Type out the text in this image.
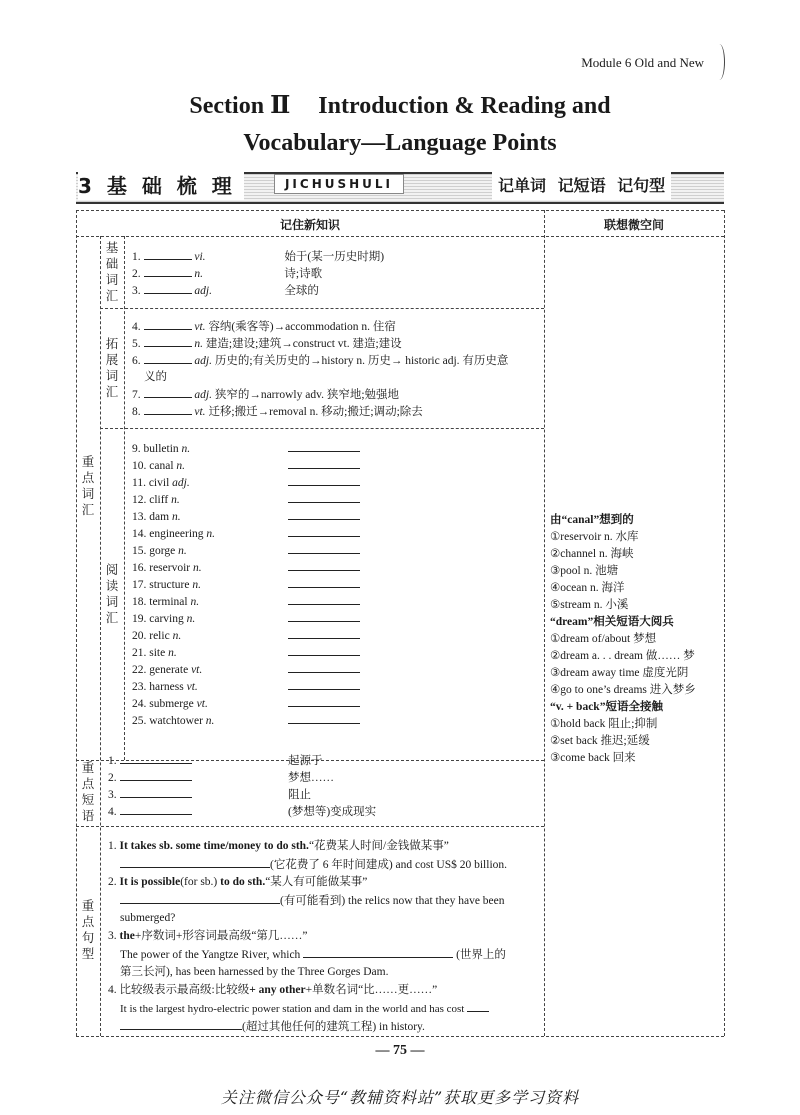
Module 6 Old and New
Section Ⅱ Introduction & Reading and
Vocabulary—Language Points
3 基 础 梳 理	JICHUSHULI	记单词 记短语 记句型
记住新知识	联想微空间
重点词汇
基础词汇
拓展词汇
阅读词汇
重点短语
重点句型
1.	vi.	始于(某一历史时期)
2.	n.	诗;诗歌
3.	adj.	全球的
4.	vt. 容纳(乘客等)→accommodation n. 住宿
5.	n. 建造;建设;建筑→construct vt. 建造;建设
6.	adj. 历史的;有关历史的→history n. 历史→ historic adj. 有历史意
义的
7.	adj. 狭窄的→narrowly adv. 狭窄地;勉强地
8.	vt. 迁移;搬迁→removal n. 移动;搬迁;调动;除去
9. bulletin n.
10. canal n.
11. civil adj.
12. cliff n.
13. dam n.
14. engineering n.
15. gorge n.
16. reservoir n.
17. structure n.
18. terminal n.
19. carving n.
20. relic n.
21. site n.
22. generate vt.
23. harness vt.
24. submerge vt.
25. watchtower n.
1.	起源于
2.	梦想……
3.	阻止
4.	(梦想等)变成现实
1. It takes sb. some time/money to do sth.“花费某人时间/金钱做某事”
(它花费了 6 年时间建成) and cost US$ 20 billion.
2. It is possible(for sb.) to do sth.“某人有可能做某事”
(有可能看到) the relics now that they have been
submerged?
3. the+序数词+形容词最高级“第几……”
The power of the Yangtze River, which	(世界上的
第三长河), has been harnessed by the Three Gorges Dam.
4. 比较级表示最高级:比较级+ any other+单数名词“比……更……”
It is the largest hydro-electric power station and dam in the world and has cost
(超过其他任何的建筑工程) in history.
由“canal”想到的
①reservoir n. 水库
②channel n. 海峡
③pool n. 池塘
④ocean n. 海洋
⑤stream n. 小溪
“dream”相关短语大阅兵
①dream of/about 梦想
②dream a. . . dream 做…… 梦
③dream away time 虚度光阴
④go to one’s dreams 进入梦乡
“v. + back”短语全接触
①hold back 阻止;抑制
②set back 推迟;延缓
③come back 回来
— 75 —
关注微信公众号“教辅资料站”获取更多学习资料
